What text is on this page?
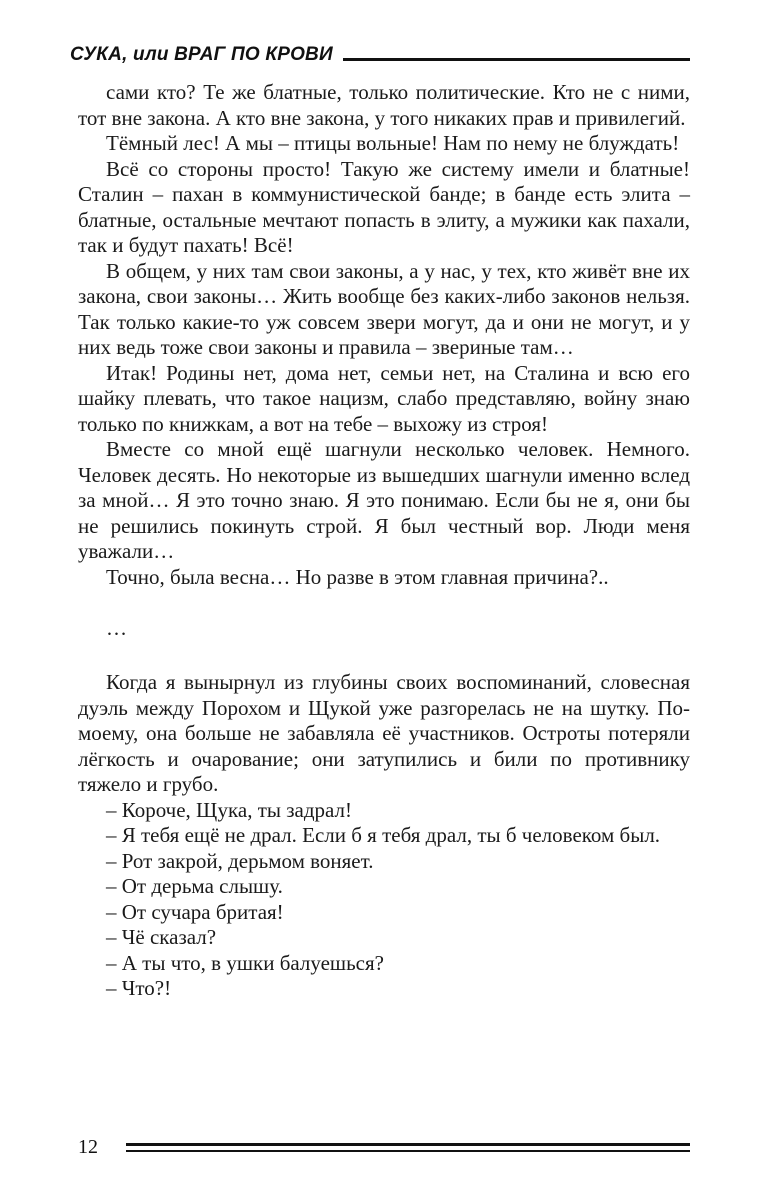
СУКА, или ВРАГ ПО КРОВИ

сами кто? Те же блатные, только политические. Кто не с ними, тот вне закона. А кто вне закона, у того никаких прав и привилегий.

Тёмный лес! А мы – птицы вольные! Нам по нему не блуждать!

Всё со стороны просто! Такую же систему имели и блатные! Сталин – пахан в коммунистической банде; в банде есть элита – блатные, остальные мечтают попасть в элиту, а мужики как пахали, так и будут пахать! Всё!

В общем, у них там свои законы, а у нас, у тех, кто живёт вне их закона, свои законы… Жить вообще без каких-либо законов нельзя. Так только какие-то уж совсем звери могут, да и они не могут, и у них ведь тоже свои законы и правила – звериные там…

Итак! Родины нет, дома нет, семьи нет, на Сталина и всю его шайку плевать, что такое нацизм, слабо представляю, войну знаю только по книжкам, а вот на тебе – выхожу из строя!

Вместе со мной ещё шагнули несколько человек. Немного. Человек десять. Но некоторые из вышедших шагнули именно вслед за мной… Я это точно знаю. Я это понимаю. Если бы не я, они бы не решились покинуть строй. Я был честный вор. Люди меня уважали…

Точно, была весна… Но разве в этом главная причина?..

…

Когда я вынырнул из глубины своих воспоминаний, словесная дуэль между Порохом и Щукой уже разгорелась не на шутку. По-моему, она больше не забавляла её участников. Остроты потеряли лёгкость и очарование; они затупились и били по противнику тяжело и грубо.

– Короче, Щука, ты задрал!

– Я тебя ещё не драл. Если б я тебя драл, ты б человеком был.

– Рот закрой, дерьмом воняет.

– От дерьма слышу.

– От сучара бритая!

– Чё сказал?

– А ты что, в ушки балуешься?

– Что?!

12
